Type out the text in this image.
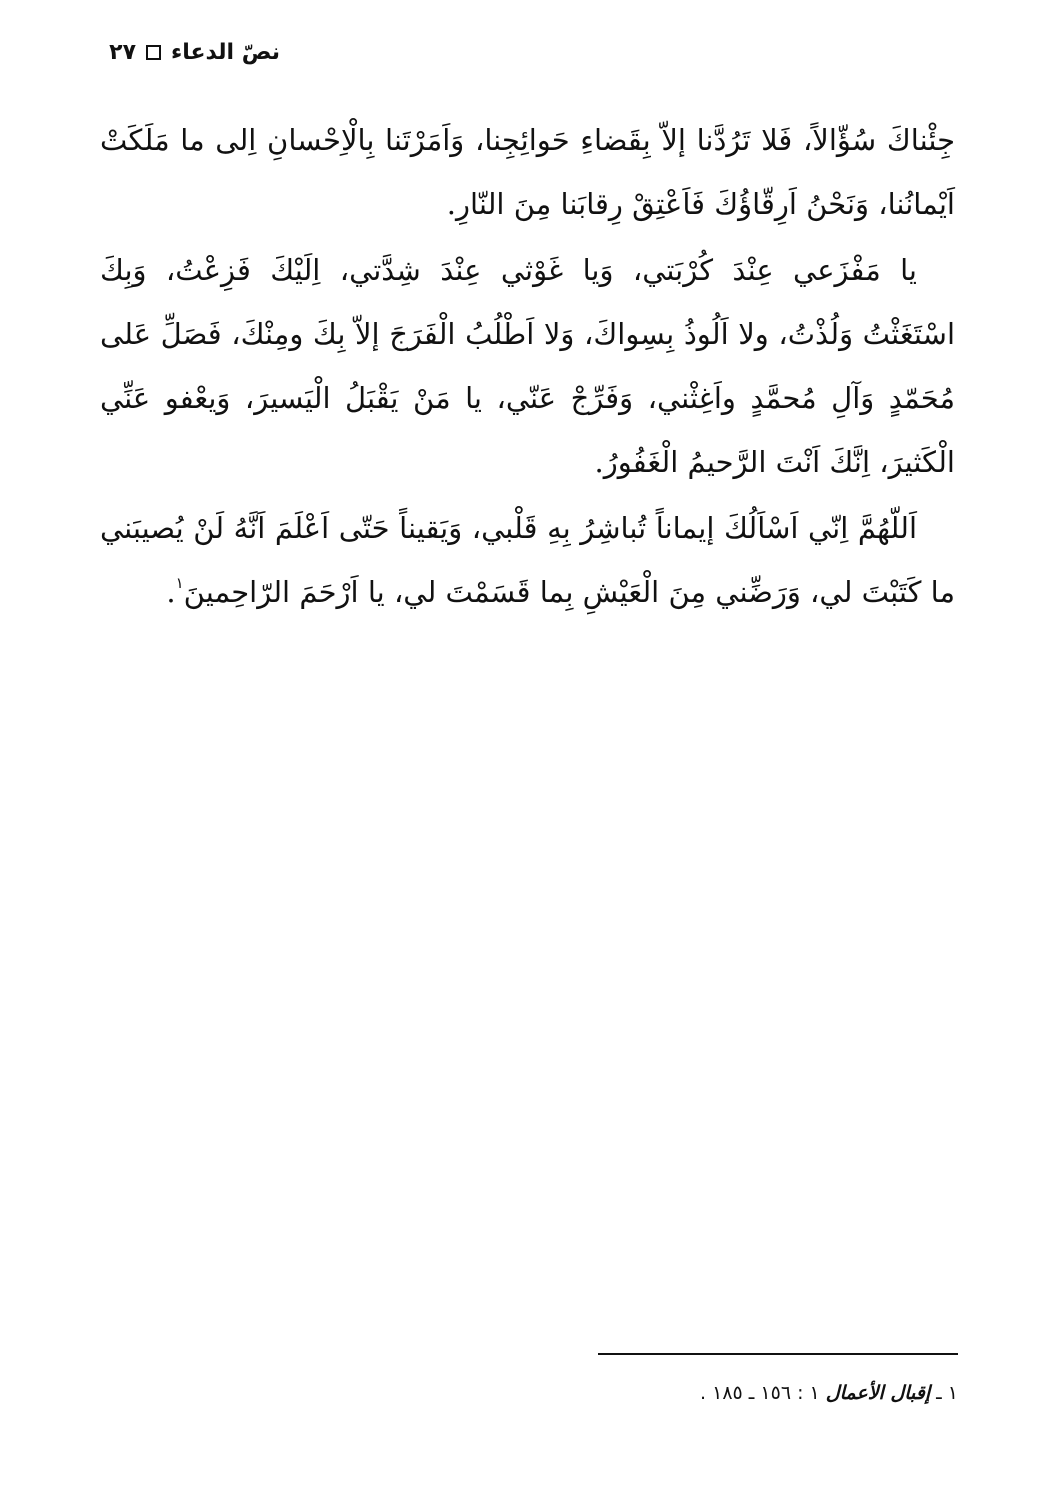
نصّ الدعاء
٢٧

جِئْناكَ سُؤّالاً، فَلا تَرُدَّنا إلاّ بِقَضاءِ حَوائِجِنا، وَاَمَرْتَنا بِالْاِحْسانِ اِلى ما مَلَكَتْ اَيْمانُنا، وَنَحْنُ اَرِقّاؤُكَ فَاَعْتِقْ رِقابَنا مِنَ النّارِ.

يا مَفْزَعي عِنْدَ كُرْبَتي، وَيا غَوْثي عِنْدَ شِدَّتي، اِلَيْكَ فَزِعْتُ، وَبِكَ اسْتَغَثْتُ وَلُذْتُ، ولا اَلُوذُ بِسِواكَ، وَلا اَطْلُبُ الْفَرَجَ إلاّ بِكَ ومِنْكَ، فَصَلِّ عَلى مُحَمّدٍ وَآلِ مُحمَّدٍ واَغِثْني، وَفَرِّجْ عَنّي، يا مَنْ يَقْبَلُ الْيَسيرَ، وَيعْفو عَنِّي الْكَثيرَ، اِنَّكَ اَنْتَ الرَّحيمُ الْغَفُورُ.

اَللّهُمَّ اِنّي اَسْاَلُكَ إيماناً تُباشِرُ بِهِ قَلْبي، وَيَقيناً حَتّى اَعْلَمَ اَنَّهُ لَنْ يُصيبَني ما كَتَبْتَ لي، وَرَضِّني مِنَ الْعَيْشِ بِما قَسَمْتَ لي، يا اَرْحَمَ الرّاحِمينَ$^١$.

١ ـ إقبال الأعمال ١ : ١٥٦ ـ ١٨٥ .
